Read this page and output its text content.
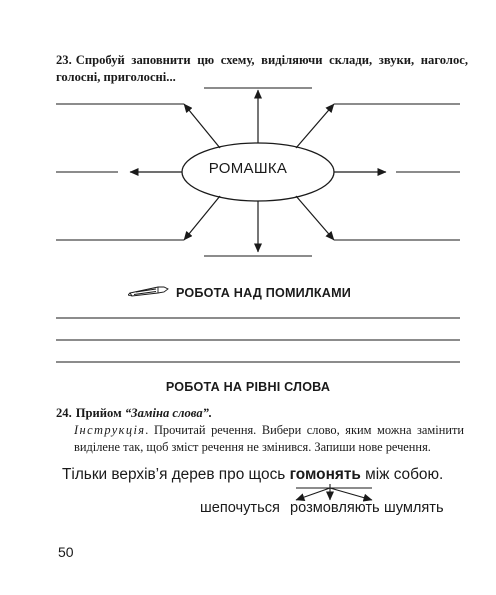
23. Спробуй заповнити цю схему, виділяючи склади, звуки, наголос, голосні, приголосні...
РОМАШКА
РОБОТА НАД ПОМИЛКАМИ
РОБОТА НА РІВНІ СЛОВА
24. Прийом “Заміна слова”.
Інструкція. Прочитай речення. Вибери слово, яким можна замінити виділене так, щоб зміст речення не змінився. Запиши нове речення.
Тільки верхів’я дерев про щось гомонять між собою.
шепочуться розмовляють шумлять
50
